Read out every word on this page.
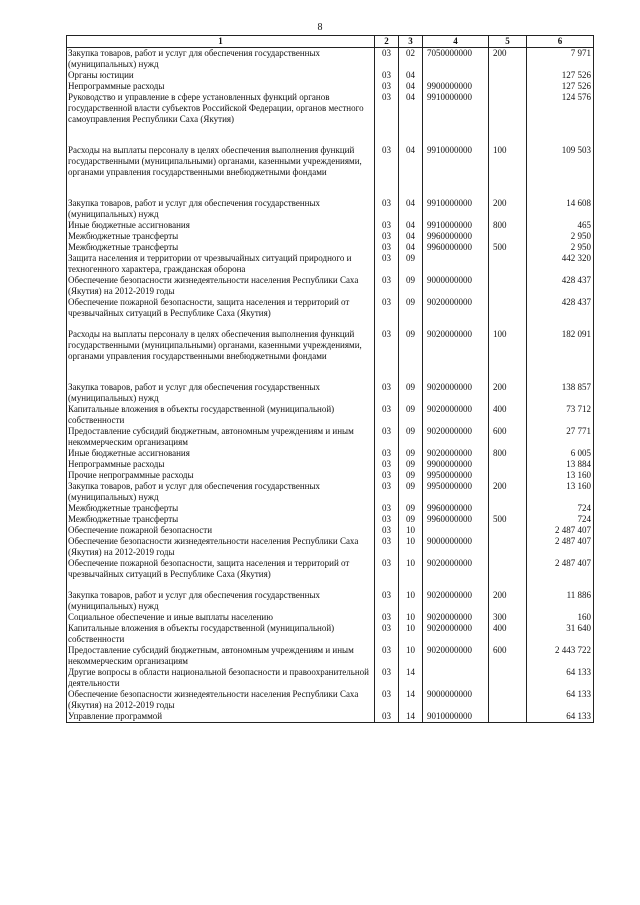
8
1	2	3	4	5	6
Закупка товаров, работ и услуг для обеспечения государственных (муниципальных) нужд	03	02	7050000000	200	7 971
Органы юстиции	03	04			127 526
Непрограммные расходы	03	04	9900000000		127 526
Руководство и управление в сфере установленных функций органов государственной власти субъектов Российской Федерации, органов местного самоуправления Республики Саха (Якутия)	03	04	9910000000		124 576

Расходы на выплаты персоналу в целях обеспечения выполнения функций государственными (муниципальными) органами, казенными учреждениями, органами управления государственными внебюджетными фондами	03	04	9910000000	100	109 503

Закупка товаров, работ и услуг для обеспечения государственных (муниципальных) нужд	03	04	9910000000	200	14 608
Иные бюджетные ассигнования	03	04	9910000000	800	465
Межбюджетные трансферты	03	04	9960000000		2 950
Межбюджетные трансферты	03	04	9960000000	500	2 950
Защита населения и территории от чрезвычайных ситуаций природного и техногенного характера, гражданская оборона	03	09			442 320
Обеспечение безопасности жизнедеятельности населения Республики Саха (Якутия) на 2012-2019 годы	03	09	9000000000		428 437
Обеспечение пожарной безопасности, защита населения и территорий от чрезвычайных ситуаций в Республике Саха (Якутия)	03	09	9020000000		428 437

Расходы на выплаты персоналу в целях обеспечения выполнения функций государственными (муниципальными) органами, казенными учреждениями, органами управления государственными внебюджетными фондами	03	09	9020000000	100	182 091

Закупка товаров, работ и услуг для обеспечения государственных (муниципальных) нужд	03	09	9020000000	200	138 857
Капитальные вложения в объекты государственной (муниципальной) собственности	03	09	9020000000	400	73 712
Предоставление субсидий бюджетным, автономным учреждениям и иным некоммерческим организациям	03	09	9020000000	600	27 771
Иные бюджетные ассигнования	03	09	9020000000	800	6 005
Непрограммные расходы	03	09	9900000000		13 884
Прочие непрограммные расходы	03	09	9950000000		13 160
Закупка товаров, работ и услуг для обеспечения государственных (муниципальных) нужд	03	09	9950000000	200	13 160
Межбюджетные трансферты	03	09	9960000000		724
Межбюджетные трансферты	03	09	9960000000	500	724
Обеспечение пожарной безопасности	03	10			2 487 407
Обеспечение безопасности жизнедеятельности населения Республики Саха (Якутия) на 2012-2019 годы	03	10	9000000000		2 487 407
Обеспечение пожарной безопасности, защита населения и территорий от чрезвычайных ситуаций в Республике Саха (Якутия)	03	10	9020000000		2 487 407

Закупка товаров, работ и услуг для обеспечения государственных (муниципальных) нужд	03	10	9020000000	200	11 886
Социальное обеспечение и иные выплаты населению	03	10	9020000000	300	160
Капитальные вложения в объекты государственной (муниципальной) собственности	03	10	9020000000	400	31 640
Предоставление субсидий бюджетным, автономным учреждениям и иным некоммерческим организациям	03	10	9020000000	600	2 443 722
Другие вопросы в области национальной безопасности и правоохранительной деятельности	03	14			64 133
Обеспечение безопасности жизнедеятельности населения Республики Саха (Якутия) на 2012-2019 годы	03	14	9000000000		64 133
Управление программой	03	14	9010000000		64 133
